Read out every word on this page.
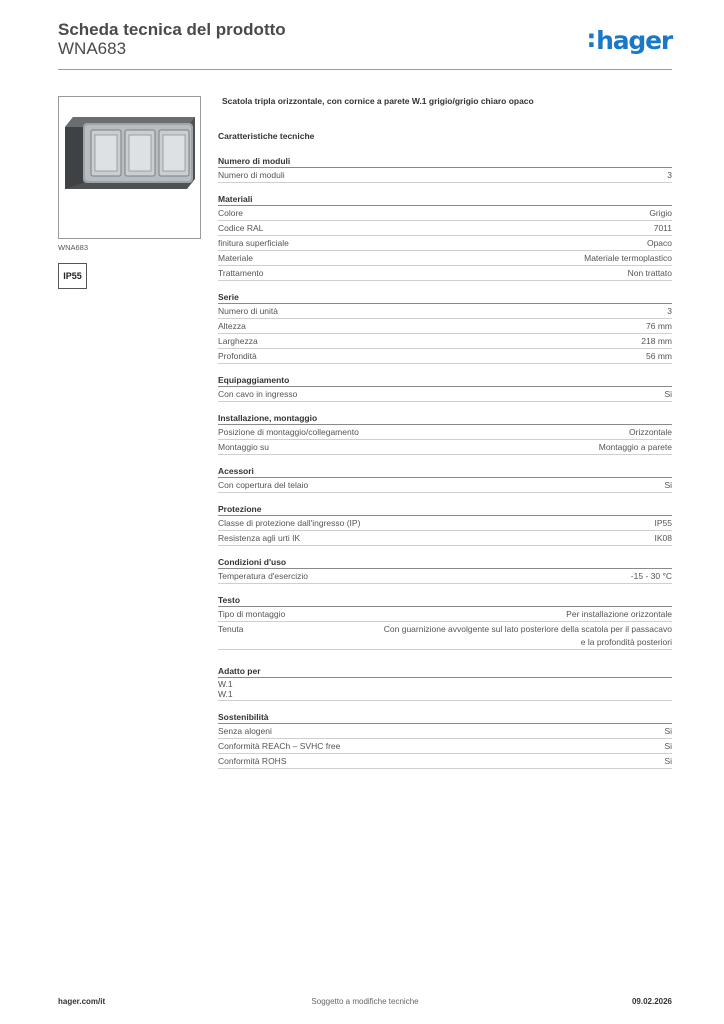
Scheda tecnica del prodotto
WNA683	:hager
WNA683
IP55
Scatola tripla orizzontale, con cornice a parete W.1 grigio/grigio chiaro opaco
Caratteristiche tecniche
Numero di moduli
Numero di moduli	3
Materiali
Colore	Grigio
Codice RAL	7011
finitura superficiale	Opaco
Materiale	Materiale termoplastico
Trattamento	Non trattato
Serie
Numero di unità	3
Altezza	76 mm
Larghezza	218 mm
Profondità	56 mm
Equipaggiamento
Con cavo in ingresso	Si
Installazione, montaggio
Posizione di montaggio/collegamento	Orizzontale
Montaggio su	Montaggio a parete
Acessori
Con copertura del telaio	Si
Protezione
Classe di protezione dall'ingresso (IP)	IP55
Resistenza agli urti IK	IK08
Condizioni d'uso
Temperatura d'esercizio	-15 - 30 °C
Testo
Tipo di montaggio	Per installazione orizzontale
Tenuta	Con guarnizione avvolgente sul lato posteriore della scatola per il passacavo e la profondità posteriori
Adatto per
W.1
W.1
Sostenibilità
Senza alogeni	Si
Conformità REACh – SVHC free	Si
Conformità ROHS	Si
Soggetto a modifiche tecniche
hager.com/it	09.02.2026
